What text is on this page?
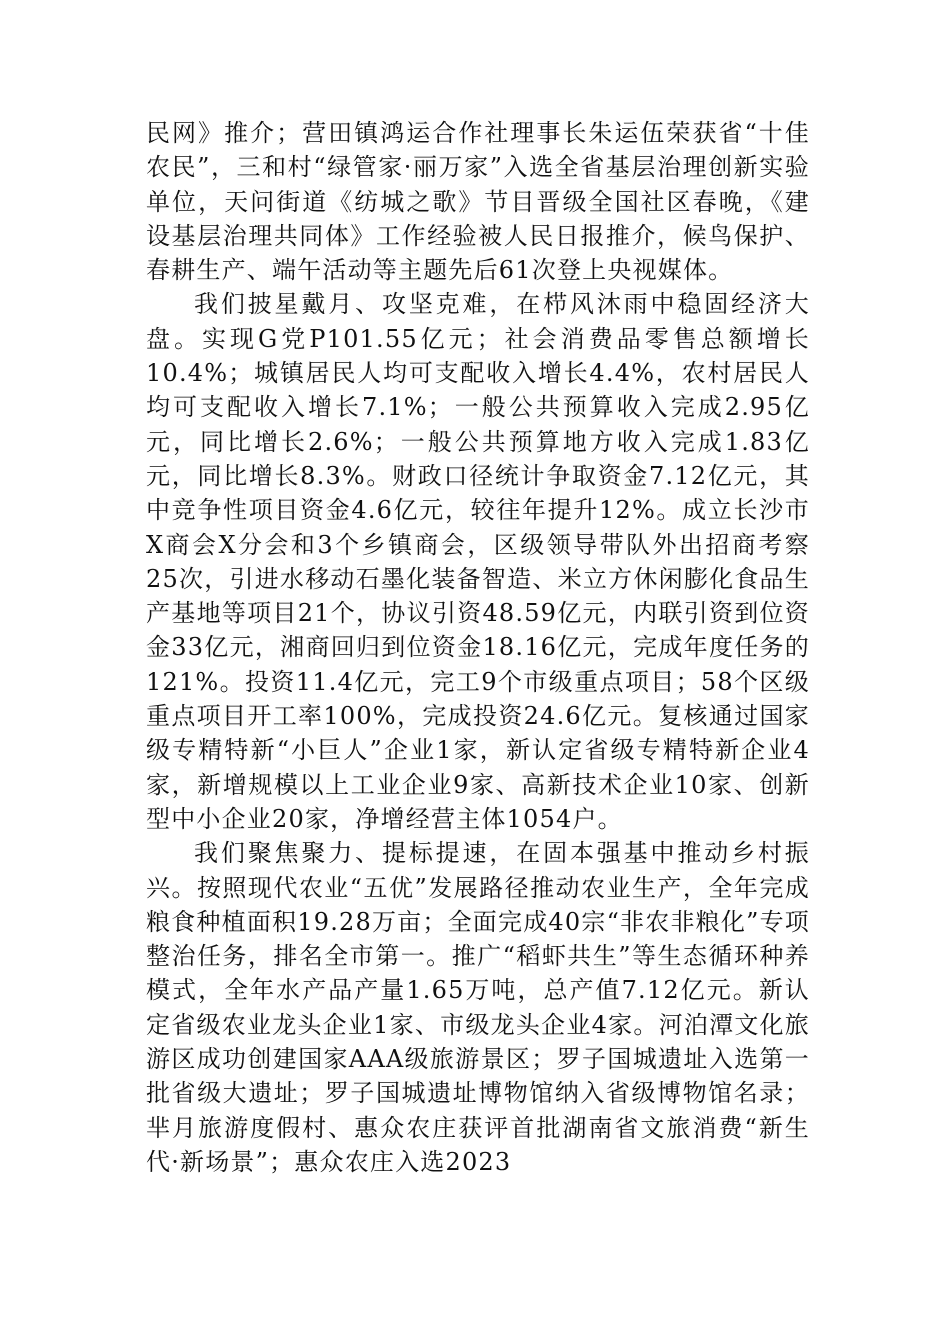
民网》推介；营田镇鸿运合作社理事长朱运伍荣获省“十佳农民”，三和村“绿管家·丽万家”入选全省基层治理创新实验单位，天问街道《纺城之歌》节目晋级全国社区春晚，《建设基层治理共同体》工作经验被人民日报推介，候鸟保护、春耕生产、端午活动等主题先后61次登上央视媒体。

我们披星戴月、攻坚克难，在栉风沐雨中稳固经济大盘。实现G党P101.55亿元；社会消费品零售总额增长10.4%；城镇居民人均可支配收入增长4.4%，农村居民人均可支配收入增长7.1%；一般公共预算收入完成2.95亿元，同比增长2.6%；一般公共预算地方收入完成1.83亿元，同比增长8.3%。财政口径统计争取资金7.12亿元，其中竞争性项目资金4.6亿元，较往年提升12%。成立长沙市X商会X分会和3个乡镇商会，区级领导带队外出招商考察25次，引进水移动石墨化装备智造、米立方休闲膨化食品生产基地等项目21个，协议引资48.59亿元，内联引资到位资金33亿元，湘商回归到位资金18.16亿元，完成年度任务的121%。投资11.4亿元，完工9个市级重点项目；58个区级重点项目开工率100%，完成投资24.6亿元。复核通过国家级专精特新“小巨人”企业1家，新认定省级专精特新企业4家，新增规模以上工业企业9家、高新技术企业10家、创新型中小企业20家，净增经营主体1054户。

我们聚焦聚力、提标提速，在固本强基中推动乡村振兴。按照现代农业“五优”发展路径推动农业生产，全年完成粮食种植面积19.28万亩；全面完成40宗“非农非粮化”专项整治任务，排名全市第一。推广“稻虾共生”等生态循环种养模式，全年水产品产量1.65万吨，总产值7.12亿元。新认定省级农业龙头企业1家、市级龙头企业4家。河泊潭文化旅游区成功创建国家AAA级旅游景区；罗子国城遗址入选第一批省级大遗址；罗子国城遗址博物馆纳入省级博物馆名录；芈月旅游度假村、惠众农庄获评首批湖南省文旅消费“新生代·新场景”；惠众农庄入选2023
